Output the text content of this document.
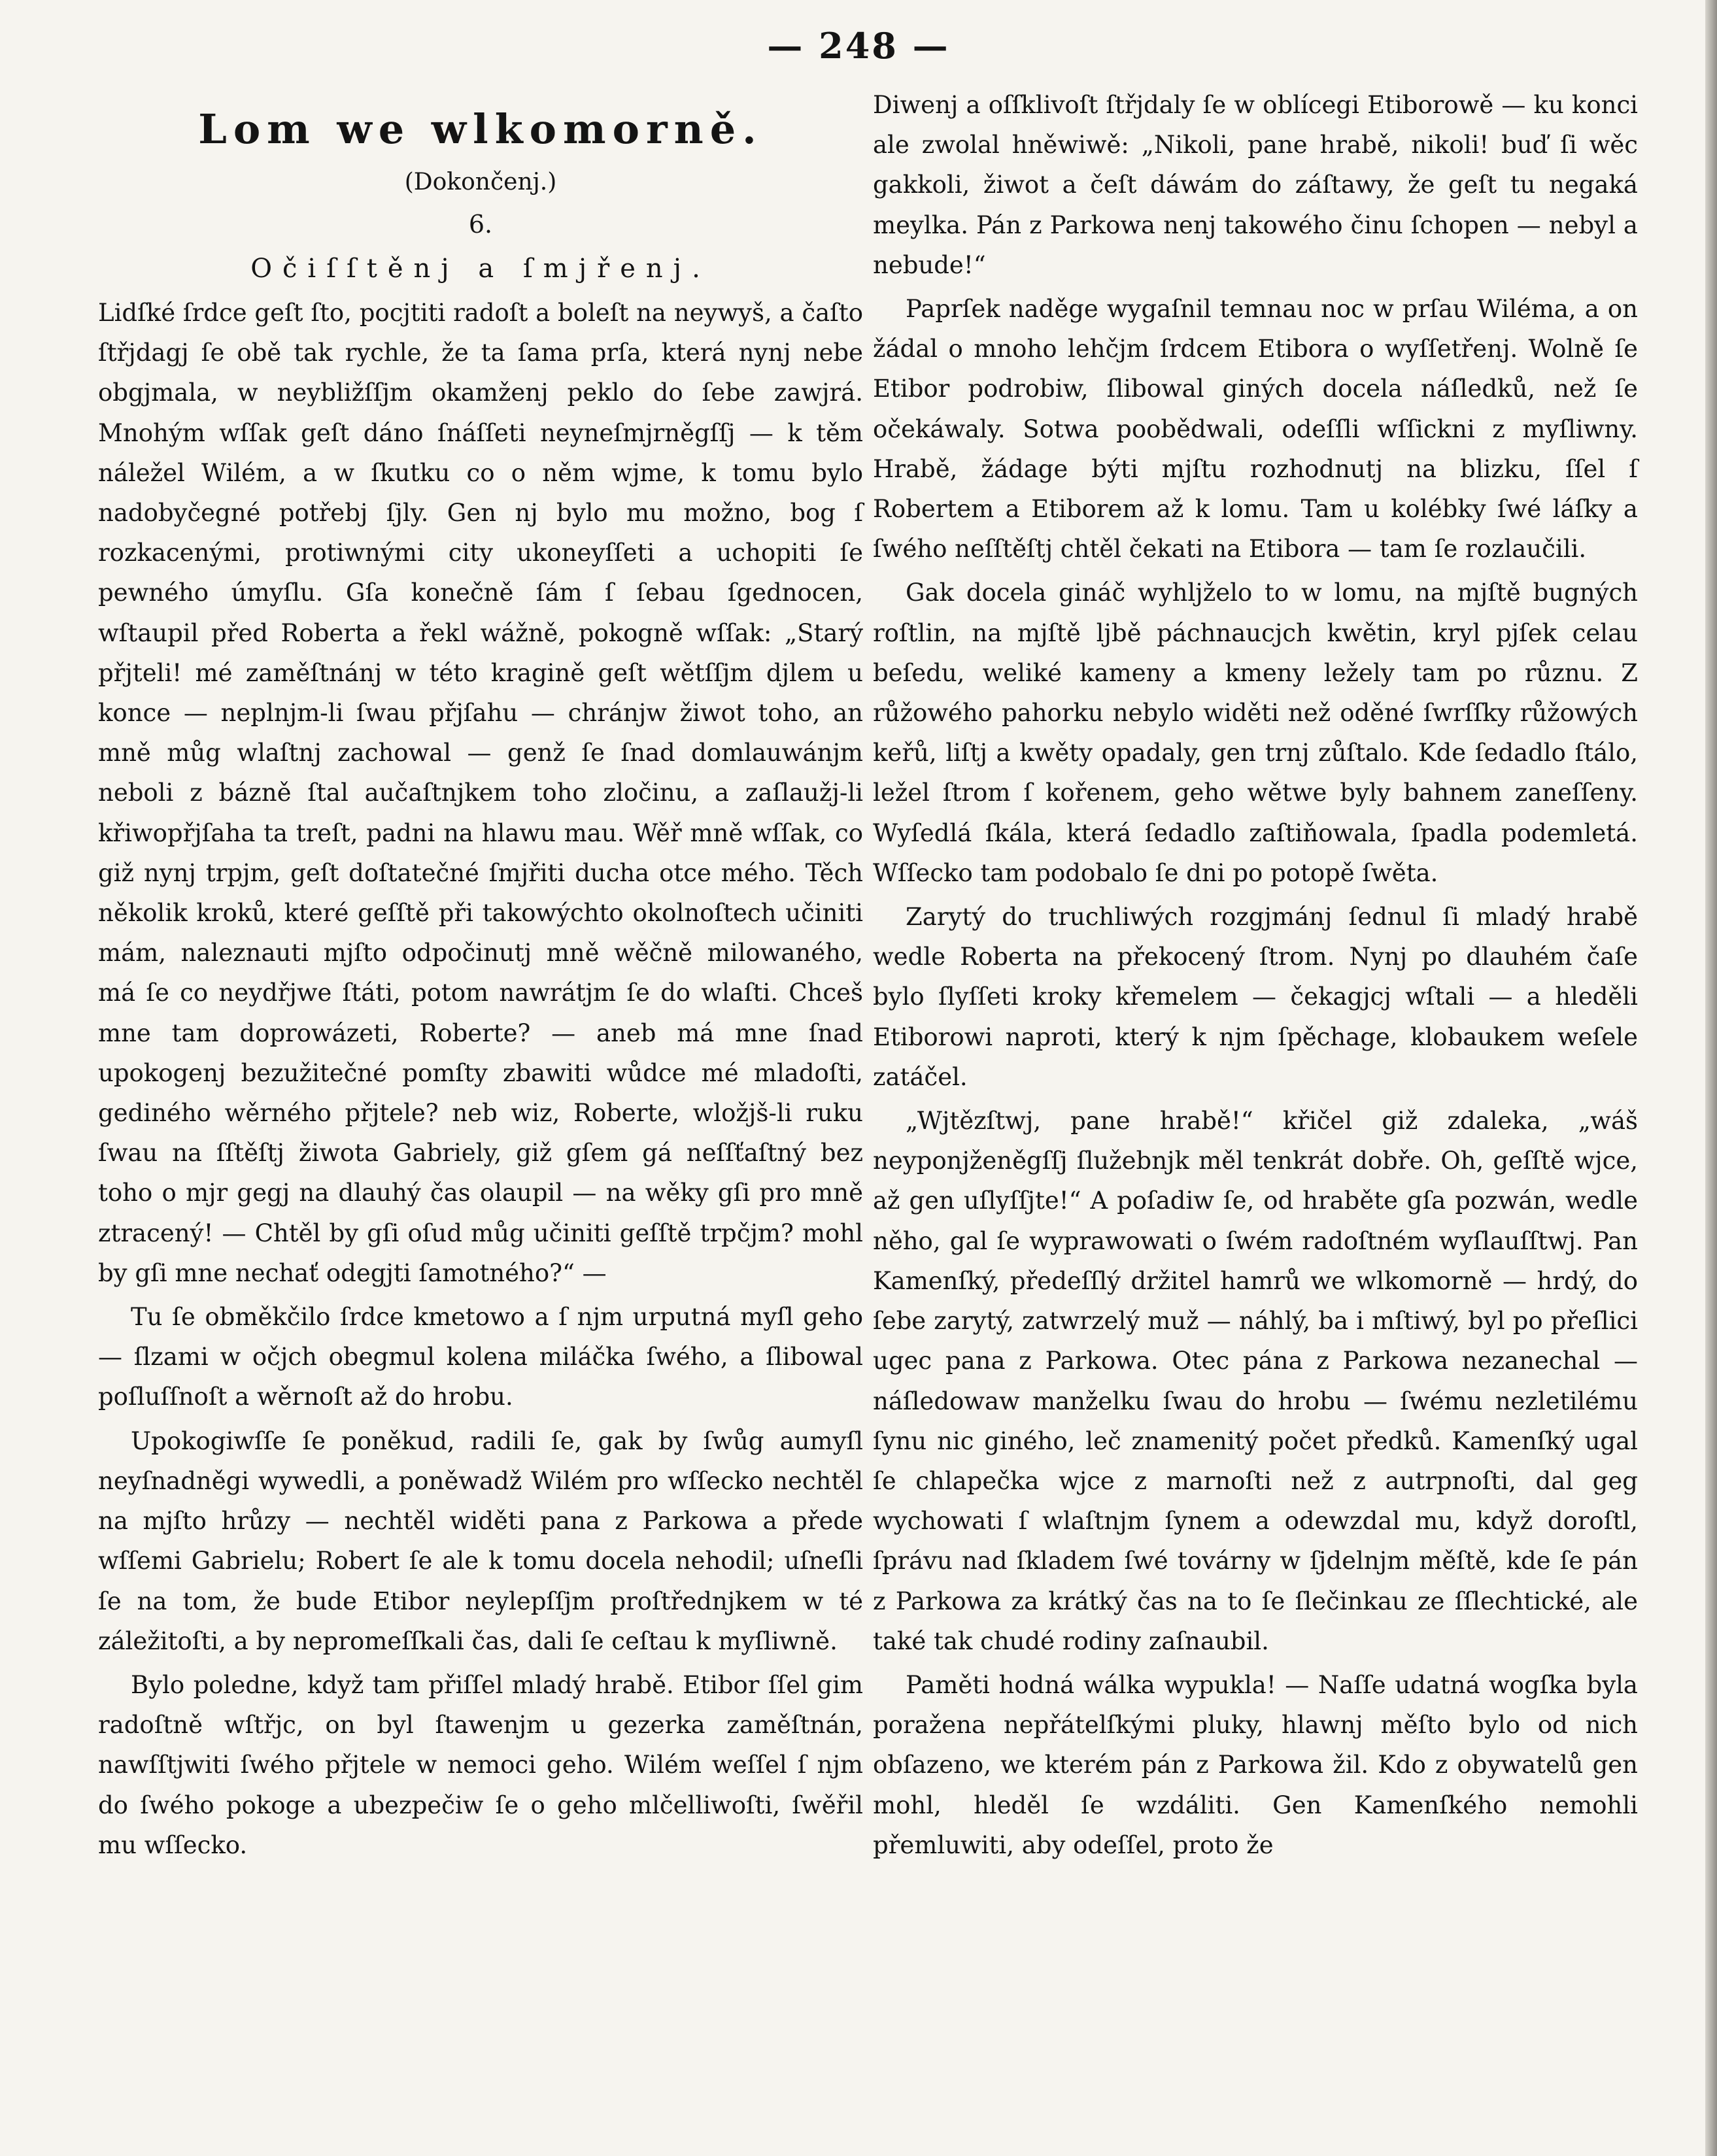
— 248 —
Lom we wlkomorně.
(Dokončenj.)
6.
Očiſſtěnj a ſmjřenj.

Lidſké ſrdce geſt ſto, pocjtiti radoſt a boleſt na neywyš, a čaſto ſtřjdagj ſe obě tak rychle, že ta ſama prſa, která nynj nebe obgjmala, w neybližſſjm okamženj peklo do ſebe zawjrá. Mnohým wſſak geſt dáno ſnáſſeti neyneſmjrněgſſj — k těm náležel Wilém, a w ſkutku co o něm wjme, k tomu bylo nadobyčegné potřebj ſjly. Gen nj bylo mu možno, bog ſ rozkacenými, protiwnými city ukoneyſſeti a uchopiti ſe pewného úmyſlu. Gſa konečně ſám ſ ſebau ſgednocen, wſtaupil před Roberta a řekl wážně, pokogně wſſak: „Starý přjteli! mé zaměſtnánj w této kragině geſt wětſſjm djlem u konce — neplnjm-li ſwau přjſahu — chránjw žiwot toho, an mně můg wlaſtnj zachowal — genž ſe ſnad domlauwánjm neboli z bázně ſtal aučaſtnjkem toho zločinu, a zaſlaužj-li křiwopřjſaha ta treſt, padni na hlawu mau. Wěř mně wſſak, co giž nynj trpjm, geſt doſtatečné ſmjřiti ducha otce mého. Těch několik kroků, které geſſtě při takowýchto okolnoſtech učiniti mám, naleznauti mjſto odpočinutj mně wěčně milowaného, má ſe co neydřjwe ſtáti, potom nawrátjm ſe do wlaſti. Chceš mne tam doprowázeti, Roberte? — aneb má mne ſnad upokogenj bezužitečné pomſty zbawiti wůdce mé mladoſti, gediného wěrného přjtele? neb wiz, Roberte, wložjš-li ruku ſwau na ſſtěſtj žiwota Gabriely, giž gſem gá neſſťaſtný bez toho o mjr gegj na dlauhý čas olaupil — na wěky gſi pro mně ztracený! — Chtěl by gſi oſud můg učiniti geſſtě trpčjm? mohl by gſi mne nechať odegjti ſamotného?“ —

Tu ſe obměkčilo ſrdce kmetowo a ſ njm urputná myſl geho — ſlzami w očjch obegmul kolena miláčka ſwého, a ſlibowal poſluſſnoſt a wěrnoſt až do hrobu.

Upokogiwſſe ſe poněkud, radili ſe, gak by ſwůg aumyſl neyſnadněgi wywedli, a poněwadž Wilém pro wſſecko nechtěl na mjſto hrůzy — nechtěl widěti pana z Parkowa a přede wſſemi Gabrielu; Robert ſe ale k tomu docela nehodil; uſneſli ſe na tom, že bude Etibor neylepſſjm proſtřednjkem w té záležitoſti, a by nepromeſſkali čas, dali ſe ceſtau k myſliwně.

Bylo poledne, když tam přiſſel mladý hrabě. Etibor ſſel gim radoſtně wſtřjc, on byl ſtawenjm u gezerka zaměſtnán, nawſſtjwiti ſwého přjtele w nemoci geho. Wilém weſſel ſ njm do ſwého pokoge a ubezpečiw ſe o geho mlčelliwoſti, ſwěřil mu wſſecko.

Diwenj a oſſklivoſt ſtřjdaly ſe w oblícegi Etiborowě — ku konci ale zwolal hněwiwě: „Nikoli, pane hrabě, nikoli! buď ſi wěc gakkoli, žiwot a čeſt dáwám do záſtawy, že geſt tu negaká meylka. Pán z Parkowa nenj takowého činu ſchopen — nebyl a nebude!“

Paprſek naděge wygaſnil temnau noc w prſau Wiléma, a on žádal o mnoho lehčjm ſrdcem Etibora o wyſſetřenj. Wolně ſe Etibor podrobiw, ſlibowal giných docela náſledků, než ſe očekáwaly. Sotwa poobědwali, odeſſli wſſickni z myſliwny. Hrabě, žádage býti mjſtu rozhodnutj na blizku, ſſel ſ Robertem a Etiborem až k lomu. Tam u kolébky ſwé láſky a ſwého neſſtěſtj chtěl čekati na Etibora — tam ſe rozlaučili.

Gak docela gináč wyhljželo to w lomu, na mjſtě bugných roſtlin, na mjſtě ljbě páchnaucjch kwětin, kryl pjſek celau beſedu, weliké kameny a kmeny ležely tam po různu. Z růžowého pahorku nebylo widěti než oděné ſwrſſky růžowých keřů, liſtj a kwěty opadaly, gen trnj zůſtalo. Kde ſedadlo ſtálo, ležel ſtrom ſ kořenem, geho wětwe byly bahnem zaneſſeny. Wyſedlá ſkála, která ſedadlo zaſtiňowala, ſpadla podemletá. Wſſecko tam podobalo ſe dni po potopě ſwěta.

Zarytý do truchliwých rozgjmánj ſednul ſi mladý hrabě wedle Roberta na překocený ſtrom. Nynj po dlauhém čaſe bylo ſlyſſeti kroky křemelem — čekagjcj wſtali — a hleděli Etiborowi naproti, který k njm ſpěchage, klobaukem weſele zatáčel.

„Wjtězſtwj, pane hrabě!“ křičel giž zdaleka, „wáš neyponjženěgſſj ſlužebnjk měl tenkrát dobře. Oh, geſſtě wjce, až gen uſlyſſjte!“ A poſadiw ſe, od hraběte gſa pozwán, wedle něho, gal ſe wyprawowati o ſwém radoſtném wyſlauſſtwj. Pan Kamenſký, předeſſlý držitel hamrů we wlkomorně — hrdý, do ſebe zarytý, zatwrzelý muž — náhlý, ba i mſtiwý, byl po přeſlici ugec pana z Parkowa. Otec pána z Parkowa nezanechal — náſledowaw manželku ſwau do hrobu — ſwému nezletilému ſynu nic giného, leč znamenitý počet předků. Kamenſký ugal ſe chlapečka wjce z marnoſti než z autrpnoſti, dal geg wychowati ſ wlaſtnjm ſynem a odewzdal mu, když doroſtl, ſprávu nad ſkladem ſwé továrny w ſjdelnjm měſtě, kde ſe pán z Parkowa za krátký čas na to ſe ſlečinkau ze ſſlechtické, ale také tak chudé rodiny zaſnaubil.

Paměti hodná wálka wypukla! — Naſſe udatná wogſka byla poražena nepřátelſkými pluky, hlawnj měſto bylo od nich obſazeno, we kterém pán z Parkowa žil. Kdo z obywatelů gen mohl, hleděl ſe wzdáliti. Gen Kamenſkého nemohli přemluwiti, aby odeſſel, proto že
